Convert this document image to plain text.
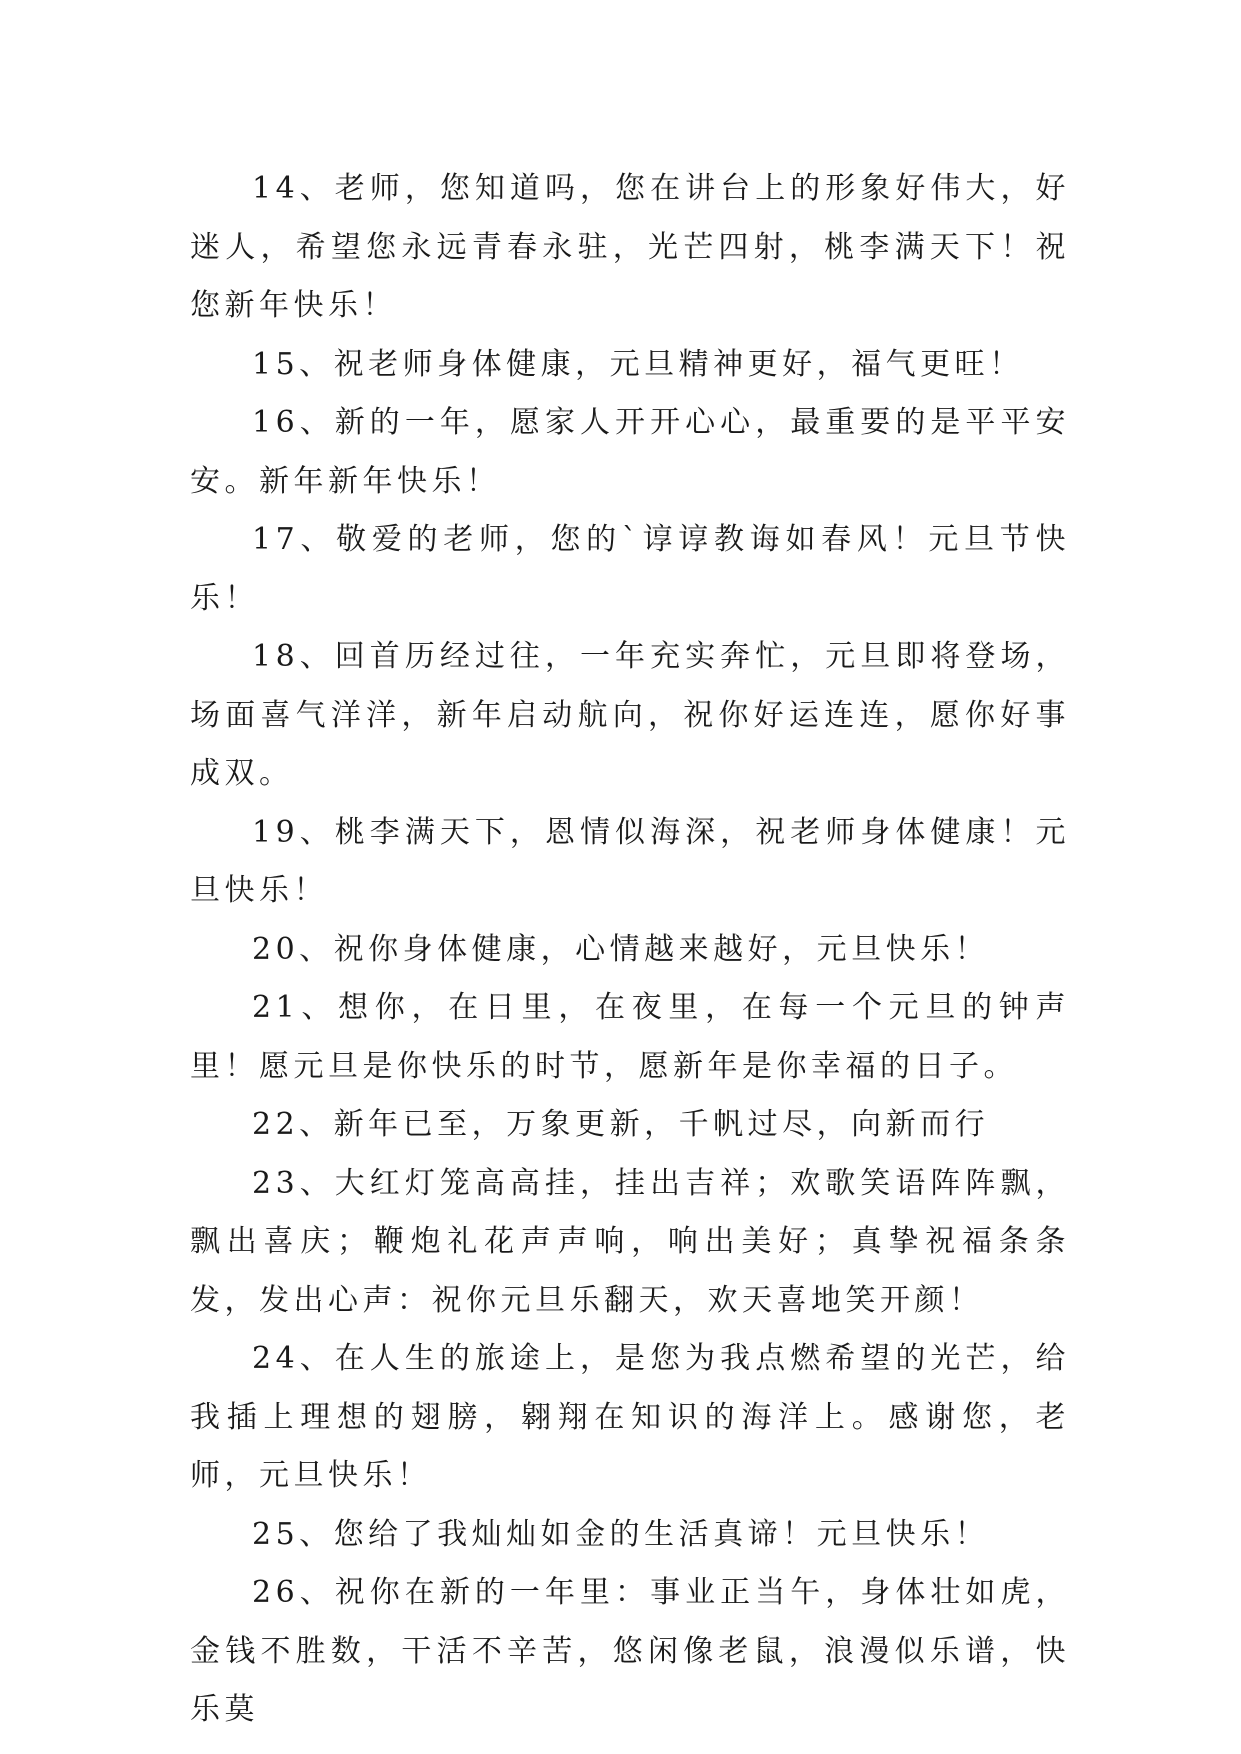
14、老师，您知道吗，您在讲台上的形象好伟大，好迷人，希望您永远青春永驻，光芒四射，桃李满天下！祝您新年快乐！

15、祝老师身体健康，元旦精神更好，福气更旺！

16、新的一年，愿家人开开心心，最重要的是平平安安。新年新年快乐！

17、敬爱的老师，您的`谆谆教诲如春风！元旦节快乐！

18、回首历经过往，一年充实奔忙，元旦即将登场，场面喜气洋洋，新年启动航向，祝你好运连连，愿你好事成双。

19、桃李满天下，恩情似海深，祝老师身体健康！元旦快乐！

20、祝你身体健康，心情越来越好，元旦快乐！

21、想你，在日里，在夜里，在每一个元旦的钟声里！愿元旦是你快乐的时节，愿新年是你幸福的日子。

22、新年已至，万象更新，千帆过尽，向新而行

23、大红灯笼高高挂，挂出吉祥；欢歌笑语阵阵飘，飘出喜庆；鞭炮礼花声声响，响出美好；真挚祝福条条发，发出心声：祝你元旦乐翻天，欢天喜地笑开颜！

24、在人生的旅途上，是您为我点燃希望的光芒，给我插上理想的翅膀，翱翔在知识的海洋上。感谢您，老师，元旦快乐！

25、您给了我灿灿如金的生活真谛！元旦快乐！

26、祝你在新的一年里：事业正当午，身体壮如虎，金钱不胜数，干活不辛苦，悠闲像老鼠，浪漫似乐谱，快乐莫
